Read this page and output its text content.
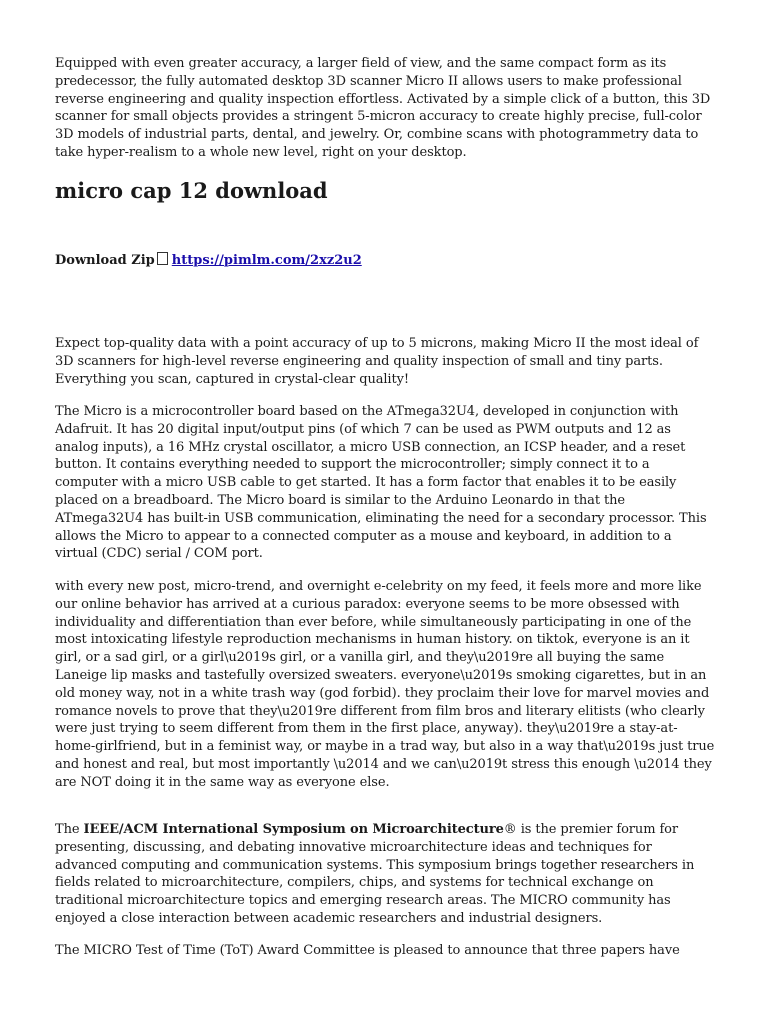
Equipped with even greater accuracy, a larger field of view, and the same compact form as its predecessor, the fully automated desktop 3D scanner Micro II allows users to make professional reverse engineering and quality inspection effortless. Activated by a simple click of a button, this 3D scanner for small objects provides a stringent 5-micron accuracy to create highly precise, full-color 3D models of industrial parts, dental, and jewelry. Or, combine scans with photogrammetry data to take hyper-realism to a whole new level, right on your desktop.

micro cap 12 download
Download Zip https://pimlm.com/2xz2u2

Expect top-quality data with a point accuracy of up to 5 microns, making Micro II the most ideal of 3D scanners for high-level reverse engineering and quality inspection of small and tiny parts. Everything you scan, captured in crystal-clear quality!

The Micro is a microcontroller board based on the ATmega32U4, developed in conjunction with Adafruit. It has 20 digital input/output pins (of which 7 can be used as PWM outputs and 12 as analog inputs), a 16 MHz crystal oscillator, a micro USB connection, an ICSP header, and a reset button. It contains everything needed to support the microcontroller; simply connect it to a computer with a micro USB cable to get started. It has a form factor that enables it to be easily placed on a breadboard. The Micro board is similar to the Arduino Leonardo in that the ATmega32U4 has built-in USB communication, eliminating the need for a secondary processor. This allows the Micro to appear to a connected computer as a mouse and keyboard, in addition to a virtual (CDC) serial / COM port.

with every new post, micro-trend, and overnight e-celebrity on my feed, it feels more and more like our online behavior has arrived at a curious paradox: everyone seems to be more obsessed with individuality and differentiation than ever before, while simultaneously participating in one of the most intoxicating lifestyle reproduction mechanisms in human history. on tiktok, everyone is an it girl, or a sad girl, or a girl\u2019s girl, or a vanilla girl, and they\u2019re all buying the same Laneige lip masks and tastefully oversized sweaters. everyone\u2019s smoking cigarettes, but in an old money way, not in a white trash way (god forbid). they proclaim their love for marvel movies and romance novels to prove that they\u2019re different from film bros and literary elitists (who clearly were just trying to seem different from them in the first place, anyway). they\u2019re a stay-at-home-girlfriend, but in a feminist way, or maybe in a trad way, but also in a way that\u2019s just true and honest and real, but most importantly \u2014 and we can\u2019t stress this enough \u2014 they are NOT doing it in the same way as everyone else.

The IEEE/ACM International Symposium on Microarchitecture® is the premier forum for presenting, discussing, and debating innovative microarchitecture ideas and techniques for advanced computing and communication systems. This symposium brings together researchers in fields related to microarchitecture, compilers, chips, and systems for technical exchange on traditional microarchitecture topics and emerging research areas. The MICRO community has enjoyed a close interaction between academic researchers and industrial designers.

The MICRO Test of Time (ToT) Award Committee is pleased to announce that three papers have
